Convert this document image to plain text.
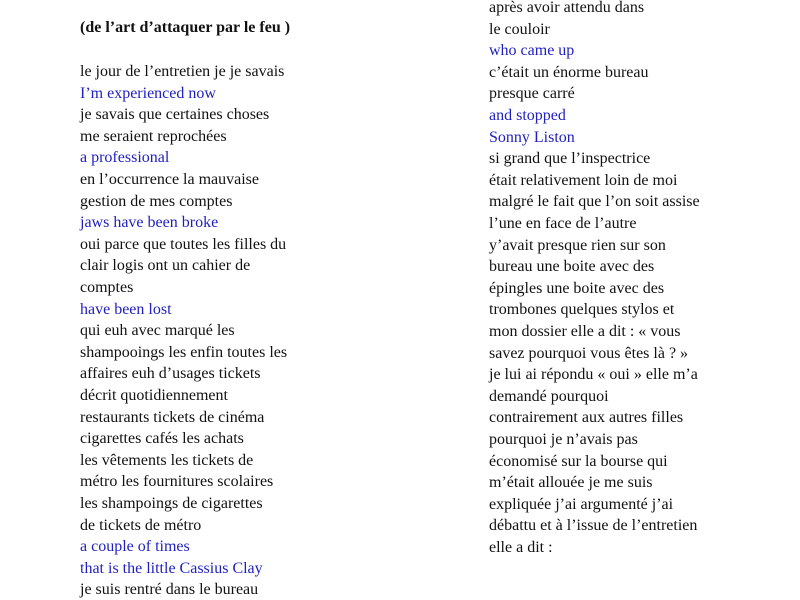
(de l’art d’attaquer par le feu )
le jour de l’entretien je je savais
I’m experienced now
je savais que certaines choses
me seraient reprochées
a professional
en l’occurrence la mauvaise
gestion de mes comptes
jaws have been broke
oui parce que toutes les filles du
clair logis ont un cahier de
comptes
have been lost
qui euh avec marqué les
shampooings les enfin toutes les
affaires euh d’usages tickets
décrit quotidiennement
restaurants tickets de cinéma
cigarettes cafés les achats
les vêtements les tickets de
métro les fournitures scolaires
les shampoings de cigarettes
de tickets de métro
a couple of times
that is the little Cassius Clay
je suis rentré dans le bureau
après avoir attendu dans
le couloir
who came up
c’était un énorme bureau
presque carré
and stopped
Sonny Liston
si grand que l’inspectrice
était relativement loin de moi
malgré le fait que l’on soit assise
l’une en face de l’autre
y’avait presque rien sur son
bureau une boite avec des
épingles une boite avec des
trombones quelques stylos et
mon dossier elle a dit : « vous
savez pourquoi vous êtes là ? »
je lui ai répondu « oui » elle m’a
demandé pourquoi
contrairement aux autres filles
pourquoi je n’avais pas
économisé sur la bourse qui
m’était allouée je me suis
expliquée j’ai argumenté j’ai
débattu et à l’issue de l’entretien
elle a dit :
